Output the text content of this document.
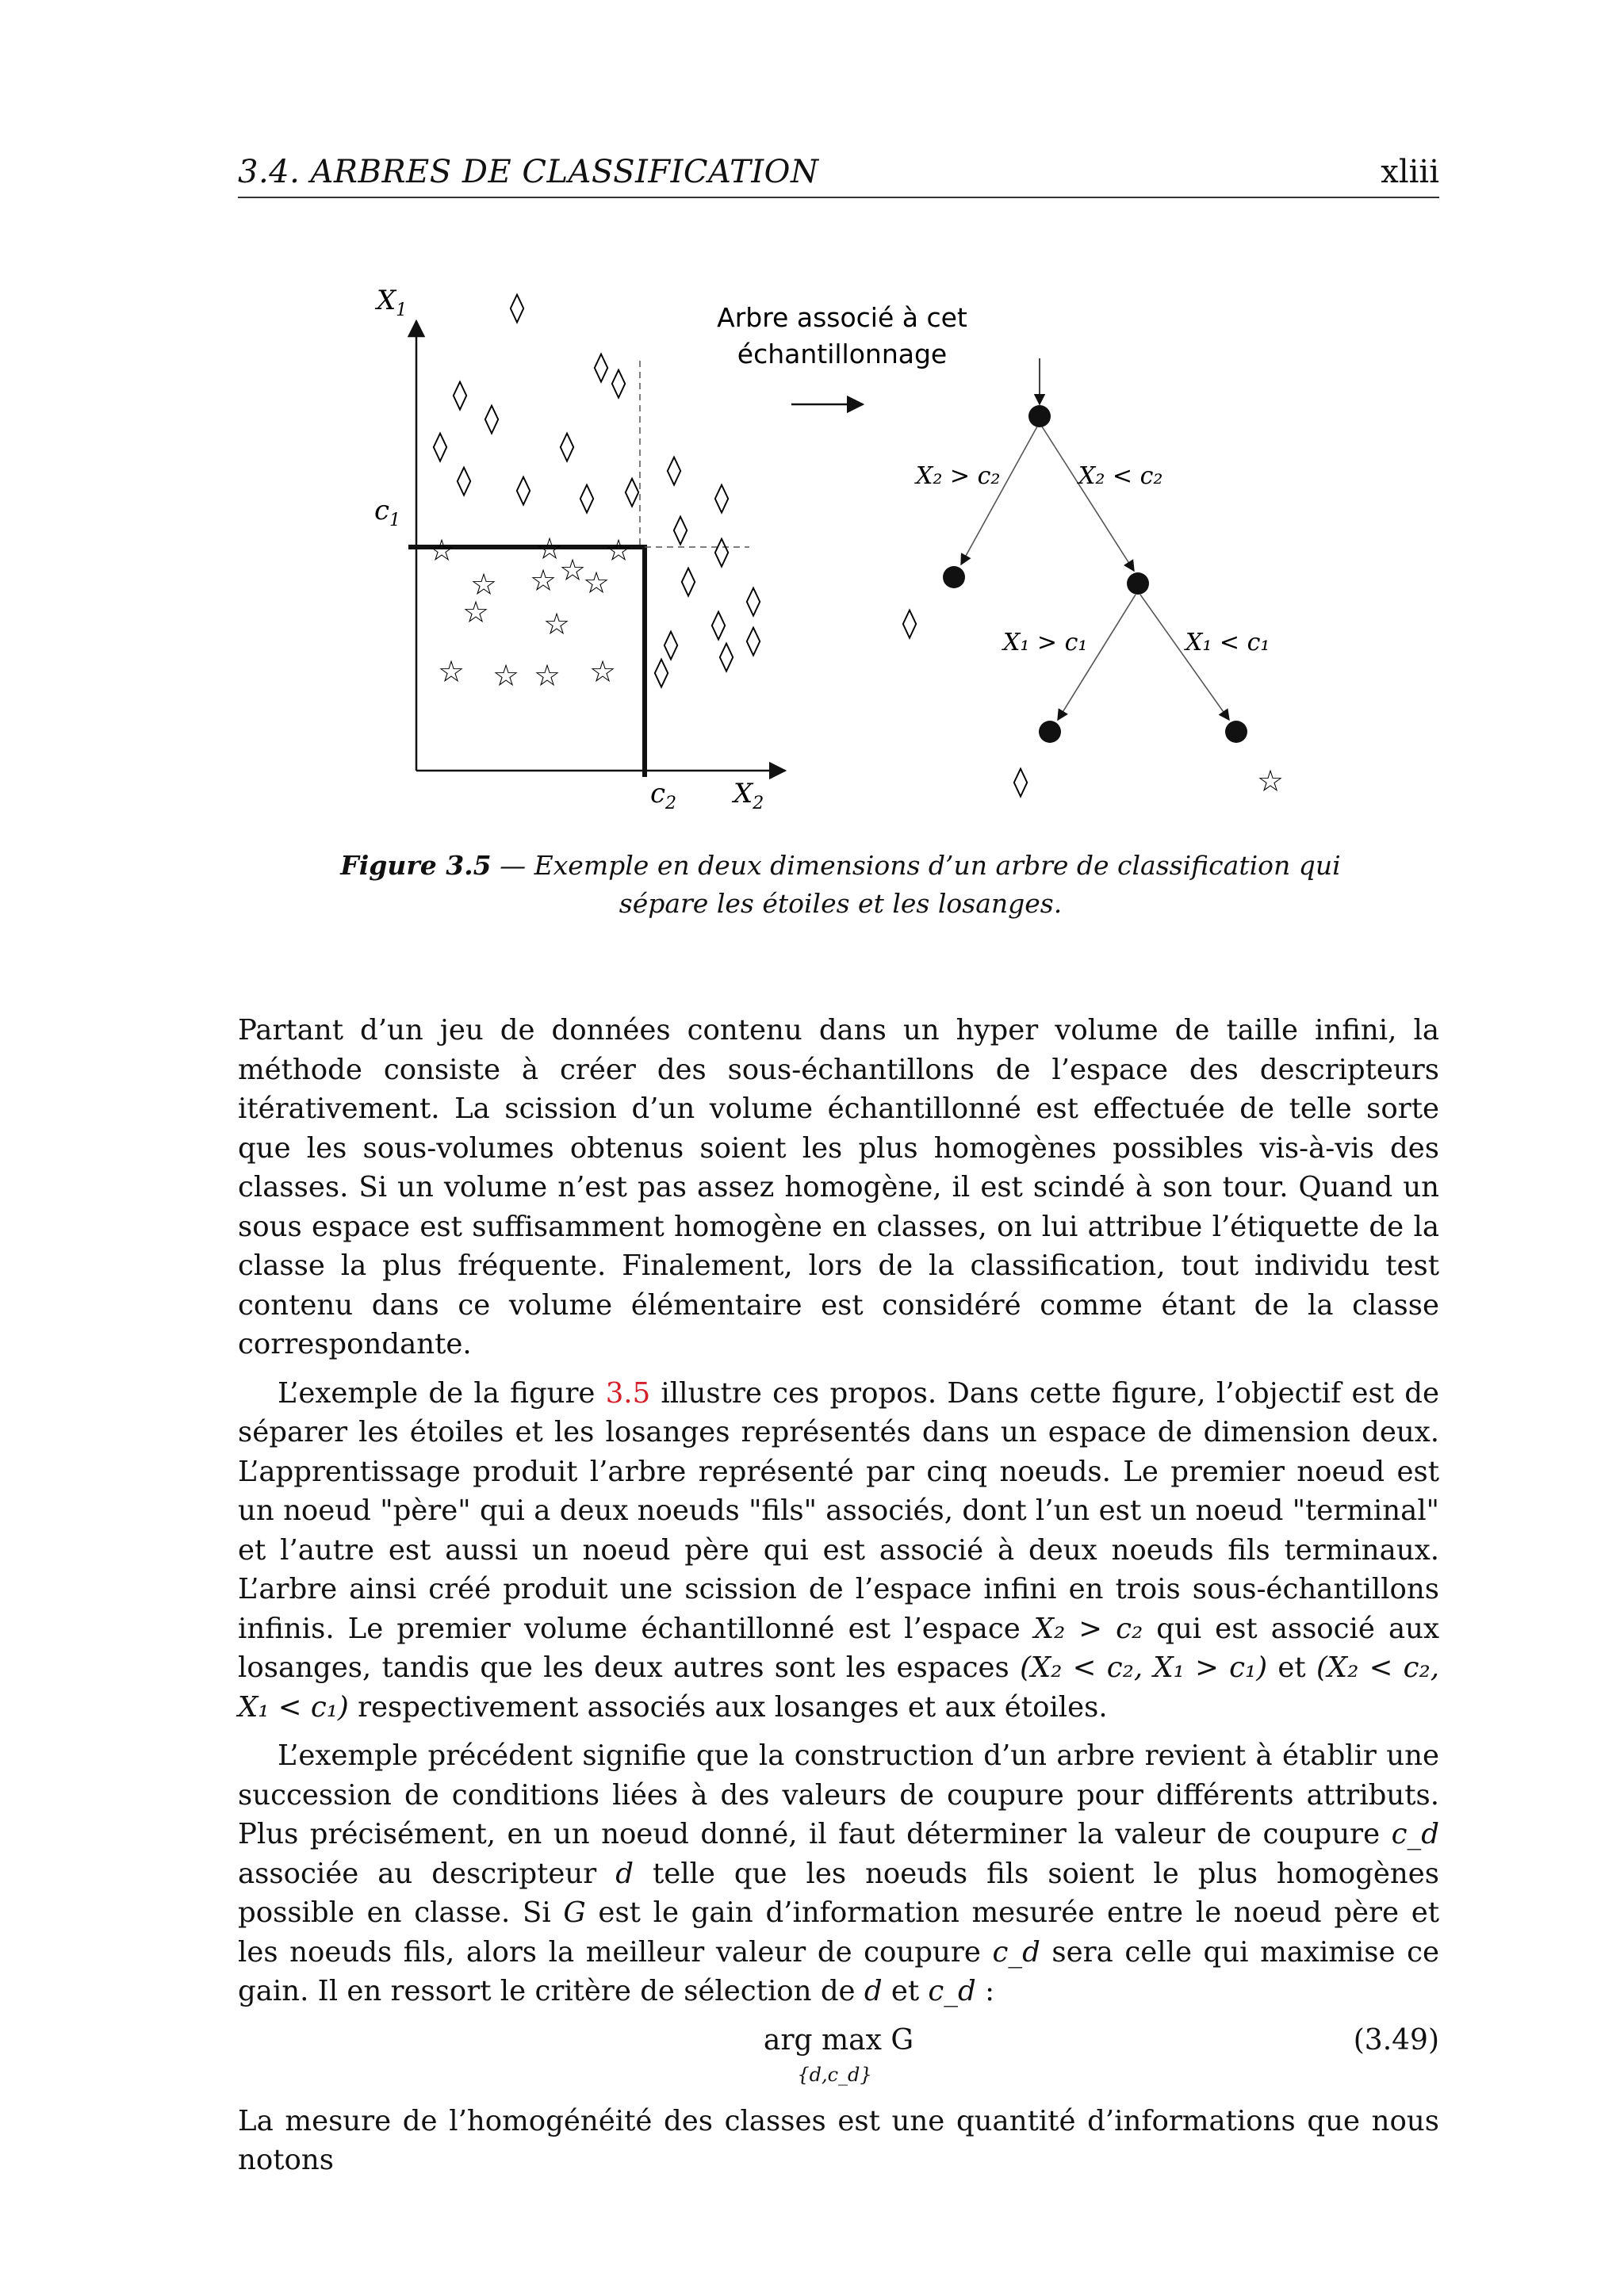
3.4. ARBRES DE CLASSIFICATION	xliii
$X_1$
$X_2$
$c_1$
$c_2$
◊
◊
◊	◊
◊
◊	◊
◊
◊ ◊ ◊ ◊ ◊
◊
◊
◊
◊
◊
◊ ◊
◊
◊
☆	☆ ☆
☆ ☆ ☆
☆
☆ ☆
☆ ☆ ☆ ☆
Arbre associé à cet
échantillonnage
X₂ > c₂	X₂ < c₂
X₁ > c₁	X₁ < c₁
◊
◊	☆
Figure 3.5 — Exemple en deux dimensions d’un arbre de classification qui sépare les étoiles et les losanges.

Partant d’un jeu de données contenu dans un hyper volume de taille infini, la méthode consiste à créer des sous-échantillons de l’espace des descripteurs itérativement. La scission d’un volume échantillonné est effectuée de telle sorte que les sous-volumes obtenus soient les plus homogènes possibles vis-à-vis des classes. Si un volume n’est pas assez homogène, il est scindé à son tour. Quand un sous espace est suffisamment homogène en classes, on lui attribue l’étiquette de la classe la plus fréquente. Finalement, lors de la classification, tout individu test contenu dans ce volume élémentaire est considéré comme étant de la classe correspondante.

L’exemple de la figure 3.5 illustre ces propos. Dans cette figure, l’objectif est de séparer les étoiles et les losanges représentés dans un espace de dimension deux. L’apprentissage produit l’arbre représenté par cinq noeuds. Le premier noeud est un noeud "père" qui a deux noeuds "fils" associés, dont l’un est un noeud "terminal" et l’autre est aussi un noeud père qui est associé à deux noeuds fils terminaux. L’arbre ainsi créé produit une scission de l’espace infini en trois sous-échantillons infinis. Le premier volume échantillonné est l’espace X₂ > c₂ qui est associé aux losanges, tandis que les deux autres sont les espaces (X₂ < c₂, X₁ > c₁) et (X₂ < c₂, X₁ < c₁) respectivement associés aux losanges et aux étoiles.

L’exemple précédent signifie que la construction d’un arbre revient à établir une succession de conditions liées à des valeurs de coupure pour différents attributs. Plus précisément, en un noeud donné, il faut déterminer la valeur de coupure c_d associée au descripteur d telle que les noeuds fils soient le plus homogènes possible en classe. Si G est le gain d’information mesurée entre le noeud père et les noeuds fils, alors la meilleur valeur de coupure c_d sera celle qui maximise ce gain. Il en ressort le critère de sélection de d et c_d :

arg max G
{d,c_d}
(3.49)

La mesure de l’homogénéité des classes est une quantité d’informations que nous notons
